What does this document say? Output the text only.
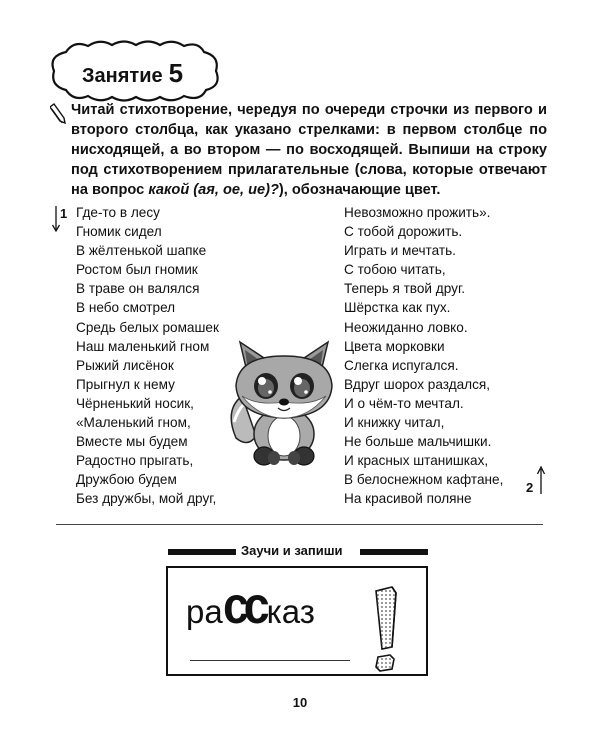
Занятие 5
Читай стихотворение, чередуя по очереди строчки из первого и второго столбца, как указано стрелками: в первом столбце по нисходящей, а во втором — по восходящей. Выпиши на строку под стихотворением прилагательные (слова, которые отвечают на вопрос какой (ая, ое, ие)?), обозначающие цвет.
1 Где-то в лесу
Гномик сидел
В жёлтенькой шапке
Ростом был гномик
В траве он валялся
В небо смотрел
Средь белых ромашек
Наш маленький гном
Рыжий лисёнок
Прыгнул к нему
Чёрненький носик,
«Маленький гном,
Вместе мы будем
Радостно прыгать,
Дружбою будем
Без дружбы, мой друг,
Невозможно прожить».
С тобой дорожить.
Играть и мечтать.
С тобою читать,
Теперь я твой друг.
Шёрстка как пух.
Неожиданно ловко.
Цвета морковки
Слегка испугался.
Вдруг шорох раздался,
И о чём-то мечтал.
И книжку читал,
Не больше мальчишки.
И красных штанишках,
В белоснежном кафтане,
На красивой поляне
2
Заучи и запиши
рассказ
10
